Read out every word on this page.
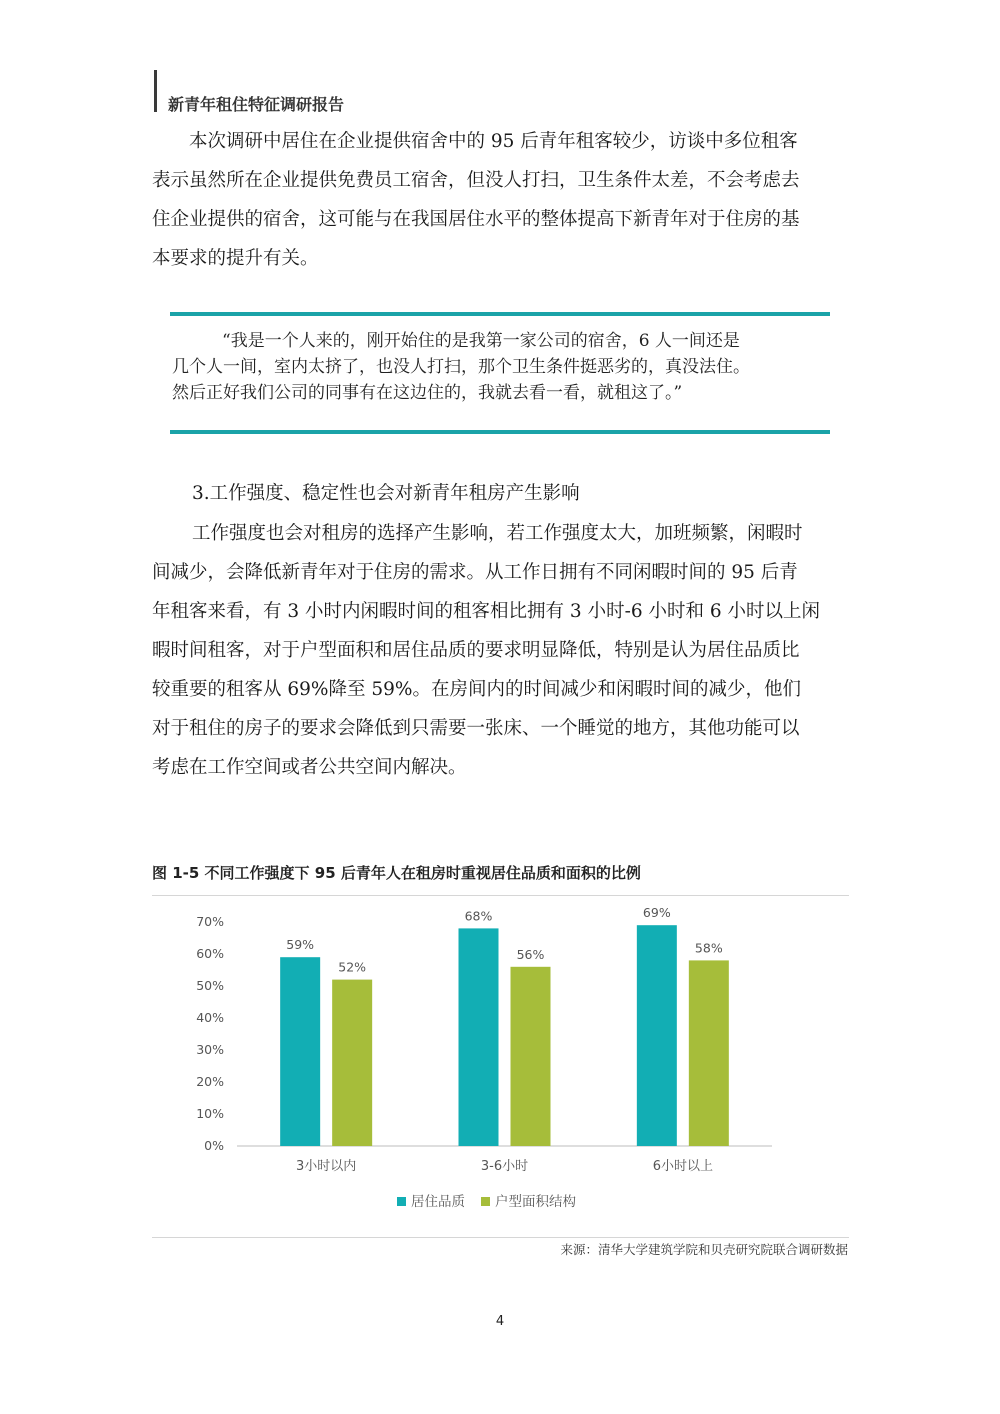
新青年租住特征调研报告
本次调研中居住在企业提供宿舍中的 95 后青年租客较少，访谈中多位租客
表示虽然所在企业提供免费员工宿舍，但没人打扫，卫生条件太差，不会考虑去
住企业提供的宿舍，这可能与在我国居住水平的整体提高下新青年对于住房的基
本要求的提升有关。
“我是一个人来的，刚开始住的是我第一家公司的宿舍，6 人一间还是
几个人一间，室内太挤了，也没人打扫，那个卫生条件挺恶劣的，真没法住。
然后正好我们公司的同事有在这边住的，我就去看一看，就租这了。”
3.工作强度、稳定性也会对新青年租房产生影响
工作强度也会对租房的选择产生影响，若工作强度太大，加班频繁，闲暇时
间减少，会降低新青年对于住房的需求。从工作日拥有不同闲暇时间的 95 后青
年租客来看，有 3 小时内闲暇时间的租客相比拥有 3 小时-6 小时和 6 小时以上闲
暇时间租客，对于户型面积和居住品质的要求明显降低，特别是认为居住品质比
较重要的租客从 69%降至 59%。在房间内的时间减少和闲暇时间的减少，他们
对于租住的房子的要求会降低到只需要一张床、一个睡觉的地方，其他功能可以
考虑在工作空间或者公共空间内解决。
图 1-5 不同工作强度下 95 后青年人在租房时重视居住品质和面积的比例
0%
10%
20%
30%
40%
50%
60%
70%
59%
52%
3小时以内
68%
56%
3-6小时
69%
58%
6小时以上
居住品质 户型面积结构
来源：清华大学建筑学院和贝壳研究院联合调研数据
4
